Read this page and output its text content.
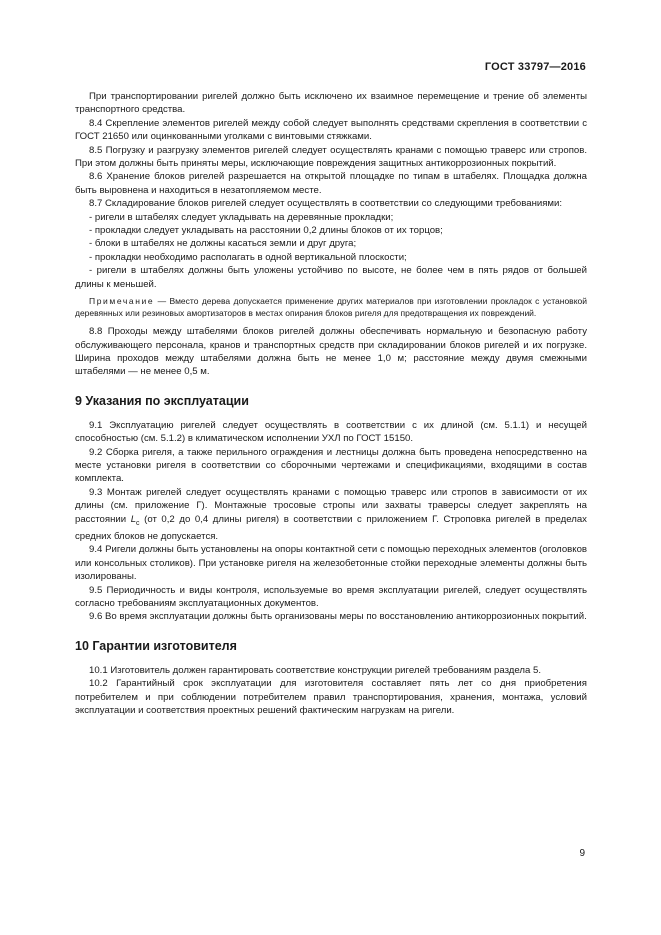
ГОСТ 33797—2016

При транспортировании ригелей должно быть исключено их взаимное перемещение и трение об элементы транспортного средства.

8.4 Скрепление элементов ригелей между собой следует выполнять средствами скрепления в соответствии с ГОСТ 21650 или оцинкованными уголками с винтовыми стяжками.

8.5 Погрузку и разгрузку элементов ригелей следует осуществлять кранами с помощью траверс или стропов. При этом должны быть приняты меры, исключающие повреждения защитных антикоррозионных покрытий.

8.6 Хранение блоков ригелей разрешается на открытой площадке по типам в штабелях. Площадка должна быть выровнена и находиться в незатопляемом месте.

8.7 Складирование блоков ригелей следует осуществлять в соответствии со следующими требованиями:

- ригели в штабелях следует укладывать на деревянные прокладки;

- прокладки следует укладывать на расстоянии 0,2 длины блоков от их торцов;

- блоки в штабелях не должны касаться земли и друг друга;

- прокладки необходимо располагать в одной вертикальной плоскости;

- ригели в штабелях должны быть уложены устойчиво по высоте, не более чем в пять рядов от большей длины к меньшей.

Примечание — Вместо дерева допускается применение других материалов при изготовлении прокладок с установкой деревянных или резиновых амортизаторов в местах опирания блоков ригеля для предотвращения их повреждений.

8.8 Проходы между штабелями блоков ригелей должны обеспечивать нормальную и безопасную работу обслуживающего персонала, кранов и транспортных средств при складировании блоков ригелей и их погрузке. Ширина проходов между штабелями должна быть не менее 1,0 м; расстояние между двумя смежными штабелями — не менее 0,5 м.

9 Указания по эксплуатации

9.1 Эксплуатацию ригелей следует осуществлять в соответствии с их длиной (см. 5.1.1) и несущей способностью (см. 5.1.2) в климатическом исполнении УХЛ по ГОСТ 15150.

9.2 Сборка ригеля, а также перильного ограждения и лестницы должна быть проведена непосредственно на месте установки ригеля в соответствии со сборочными чертежами и спецификациями, входящими в состав комплекта.

9.3 Монтаж ригелей следует осуществлять кранами с помощью траверс или стропов в зависимости от их длины (см. приложение Г). Монтажные тросовые стропы или захваты траверсы следует закреплять на расстоянии $L_c$ (от 0,2 до 0,4 длины ригеля) в соответствии с приложением Г. Строповка ригелей в пределах средних блоков не допускается.

9.4 Ригели должны быть установлены на опоры контактной сети с помощью переходных элементов (оголовков или консольных столиков). При установке ригеля на железобетонные стойки переходные элементы должны быть изолированы.

9.5 Периодичность и виды контроля, используемые во время эксплуатации ригелей, следует осуществлять согласно требованиям эксплуатационных документов.

9.6 Во время эксплуатации должны быть организованы меры по восстановлению антикоррозионных покрытий.

10 Гарантии изготовителя

10.1 Изготовитель должен гарантировать соответствие конструкции ригелей требованиям раздела 5.

10.2 Гарантийный срок эксплуатации для изготовителя составляет пять лет со дня приобретения потребителем и при соблюдении потребителем правил транспортирования, хранения, монтажа, условий эксплуатации и соответствия проектных решений фактическим нагрузкам на ригели.

9
